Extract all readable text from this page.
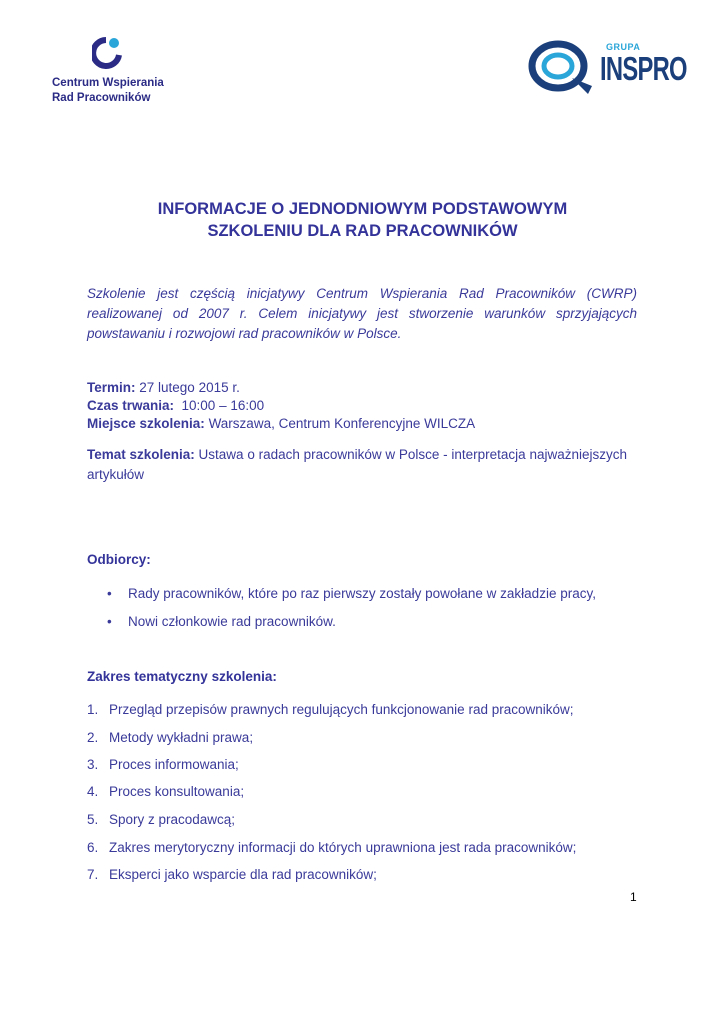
Centrum Wspierania
Rad Pracowników
GRUPA
INSPRO
INFORMACJE O JEDNODNIOWYM PODSTAWOWYM
SZKOLENIU DLA RAD PRACOWNIKÓW
Szkolenie jest częścią inicjatywy Centrum Wspierania Rad Pracowników (CWRP)
realizowanej od 2007 r. Celem inicjatywy jest stworzenie warunków sprzyjających
powstawaniu i rozwojowi rad pracowników w Polsce.
Termin: 27 lutego 2015 r.
Czas trwania:  10:00 – 16:00
Miejsce szkolenia: Warszawa, Centrum Konferencyjne WILCZA
Temat szkolenia: Ustawa o radach pracowników w Polsce - interpretacja najważniejszych
artykułów
Odbiorcy:
• Rady pracowników, które po raz pierwszy zostały powołane w zakładzie pracy,
• Nowi członkowie rad pracowników.
Zakres tematyczny szkolenia:
1. Przegląd przepisów prawnych regulujących funkcjonowanie rad pracowników;
2. Metody wykładni prawa;
3. Proces informowania;
4. Proces konsultowania;
5. Spory z pracodawcą;
6. Zakres merytoryczny informacji do których uprawniona jest rada pracowników;
7. Eksperci jako wsparcie dla rad pracowników;
1
